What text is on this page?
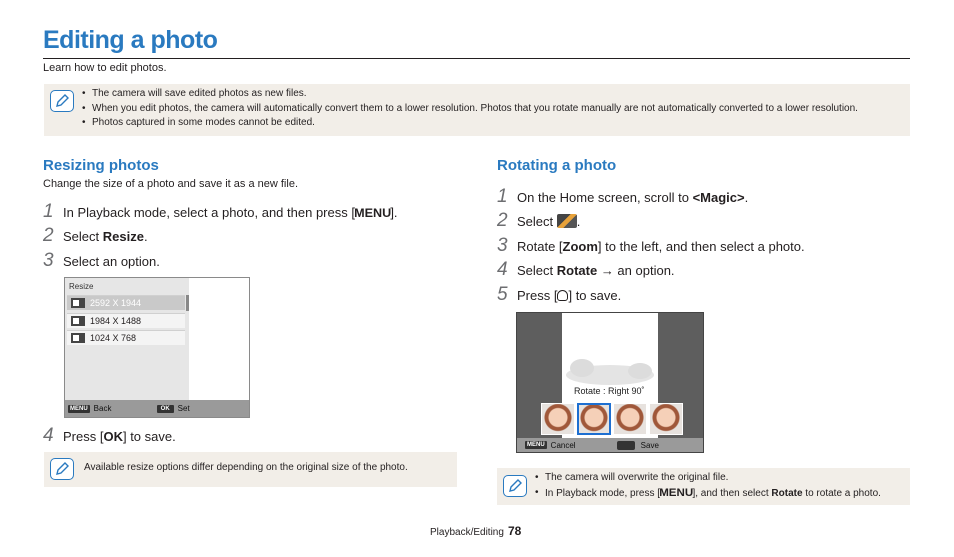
Editing a photo
Learn how to edit photos.
• The camera will save edited photos as new files.
• When you edit photos, the camera will automatically convert them to a lower resolution. Photos that you rotate manually are not automatically converted to a lower resolution.
• Photos captured in some modes cannot be edited.
Resizing photos
Change the size of a photo and save it as a new file.
1 In Playback mode, select a photo, and then press [MENU].
2 Select Resize.
3 Select an option.
Resize
2592 X 1944
1984 X 1488
1024 X 768
MENU Back	OK	Set
4 Press [OK] to save.
Available resize options differ depending on the original size of the photo.
Rotating a photo
1 On the Home screen, scroll to <Magic>.
2 Select .
3 Rotate [Zoom] to the left, and then select a photo.
4 Select Rotate → an option.
5 Press [ ] to save.
Rotate : Right 90˚
MENU Cancel	Save
• The camera will overwrite the original file.
• In Playback mode, press [MENU], and then select Rotate to rotate a photo.
Playback/Editing 78
